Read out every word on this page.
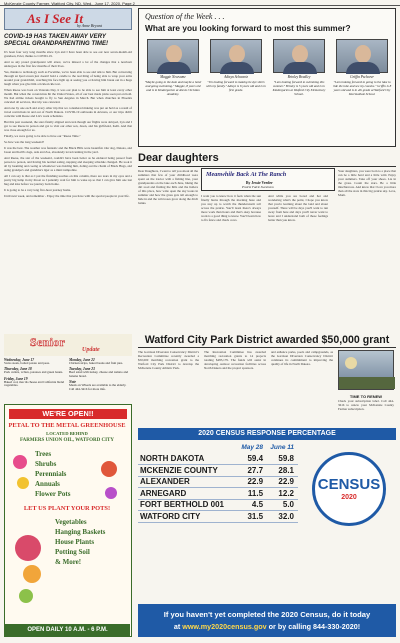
McKenzie County Farmer, Watford City, ND, Wed., June 17, 2020, Page 2
As I See It
by Anne Bryant
COVID-19 HAS TAKEN AWAY VERY SPECIAL GRANDPARENTING TIME!

It's been four very long months since Lyn and I have been able to see our new seven-month-old grandson, Eriel, thanks to COVID-19.

And as any proud grandparent will attest, we've missed a lot of the changes that a newborn undergoes in the first few months of their lives.

Yes, thanks to technology such as Facetime, we've been able to see and talk to him. But conversing through an Ipad screen just doesn't hold a candle to the real thing of being able to wrap your arms around your grandchild, watching his face light up at seeing you or having him break out in a huge laugh when you give him a tickle-tickle test.

When Reese was born on Veterans Day, it was our plan to be able to see him at least every other month. But when the coronavirus hit the United States, all of our best made plans soon put on hold. We had airline tickets bought to fly to Sun Angeles in March. But when churches in Phoenix canceled all services, that trip was canceled.

And one by one each and every other trip that we considered making was put on hold as a result of travel restrictions in and out of North Dakota. COVID-19 outbreaks in Arizona, or our trips didn't coincide with Reese and Liz's work schedules.

But this past weekend, the stars finally aligned and even though our flights were delayed, Lyn and I got to see Reese in person and got to visit our other son, Jason, and his girlfriend, Kelli. And that was close enough for us.

Finally, we were going to be able to have our "Reese Time."

So how was the long weekend?

It was the best. The weather was fantastic and the Black Hills were beautiful. Our dog, Dakota, and Jason and Kelli's dogs, Ada and Zoe, absolutely loved running in the yard.

And Reese, the star of the weekend, couldn't have been better as he endured being passed from person to person, and having his normal eating, napping and sleeping schedule changed. He took it all by beaming and cooing at whomever was holding him, doling out the charm of Black Hugs, and using grandpa's and grandma's tiger as a mini trampoline.

All I can say is that as I put the finishing touches on this column, there are tears in my eyes and a pretty big lump in my throat as I patiently wait for him to wake up so that I can give him one last hug and kiss before we journey back home.

It is going to be a very long five-hour journey home.

Until next week, and remember - Enjoy the time that you have with the special people in your life.

Question of the Week . . .
What are you looking forward to most this summer?
Maggie Newsome
"Maybe going to the dam and maybe a hotel and going swimming." Maggie, 8 years old and is in Kindergarten at Alexis Christian Academy.
Adisyn Schwartz
"I'm looking forward to making tie dye shirts with my family." Adisyn is 6 years old and is in first grade.
Brinley Bradley
"I am looking forward to swimming this summer." Brinley is 5 years old and is in Kindergarten at Watford City Elementary School.
Griffin Pschorer
"I am looking forward to going to the lake to ride the tube and see my cousins." Griffin is 8 years old and is in 4th grade at Watford City Intermediate School.
Dear daughters
Dear Daughters, I want to tell you about all the summers that few of your childhood were spent on the tractor with a fishing line, your grandparents on the lake each June, biking the dirt road and finding the hills and the hollers of this place, how wide open the sky looks in summer and how the grass gets tall enough to hide in and the wild roses grow along the ditch banks.
Meanwhile Back At The Ranch
By Jessie Veeder
Prairie Fairie Sweetness
I want you to know how it feels when the sun finally burns through the morning haze and you stay up to watch the thunderstorm roll across the prairie. You'll learn there's always more work than hours and that's okay because work is a good thing to know. You'll learn how to fix fence and check cows.
And while you are bored and hot and wondering what's the point, I hope you know that you're learning about the land and about yourself. There will be days you'll want to run away from here and days you'll never want to leave and I understand both of those feelings better than you know.
Your daughters, you were born to a place that can be a little hard and a little wild. Enjoy your summers. Take off your shoes. Lie in the grass. Count the stars. Be a little mischievous. And know that I love you more than all the stars in this big prairie sky. Love, Mom.
Senior
Update
Wednesday, June 17
Swiss steak, boiled potato and peas.
Thursday, June 18
Pork cutlets, w/bun, potatoes and green beans.
Friday, June 19
Baked cod, mac & cheese and California blend vegetables.
Monday, June 22
Chicken strips, baked beans and fruit pies.
Tuesday, June 23
Beef salad with turkey, cheese and tomato and banana bread.
Note
Meals on Wheels are available to the elderly. Call 444-3416 for more info.
WE'RE OPEN!!
PETAL TO THE METAL GREENHOUSE
LOCATED BEHIND
FARMERS UNION OIL, WATFORD CITY
Trees
Shrubs
Perennials
Annuals
Flower Pots
LET US PLANT YOUR POTS!
Vegetables
Hanging Baskets
House Plants
Potting Soil
& More!
OPEN DAILY 10 A.M. - 6 P.M.
Watford City Park District awarded $50,000 grant
The Garrison Diversion Conservancy District's Recreation Committee recently awarded a $50,000 matching recreation grant to the Watford City Park District to develop the McKenzie County Athletic Park.
The Recreation Committee has awarded matching recreation grants to 14 projects totaling $483,179. The funds will assist in developing outdoor recreation facilities across North Dakota and the project sponsors.
and enhance parks, pools and campgrounds, as the Garrison Diversion Conservancy District continues its commitment to improving the quality of life in North Dakota.
TIME TO RENEW
Check your subscription label. Call 444-3616 to renew your McKenzie County Farmer subscription.
2020 CENSUS RESPONSE PERCENTAGE
	May 28	June 11
NORTH DAKOTA	59.4	59.8
MCKENZIE COUNTY	27.7	28.1
ALEXANDER	22.9	22.9
ARNEGARD	11.5	12.2
FORT BERTHOLD 001	4.5	5.0
WATFORD CITY	31.5	32.0
CENSUS
2020
If you haven't yet completed the 2020 Census, do it today
at www.my2020census.gov or by calling 844-330-2020!
